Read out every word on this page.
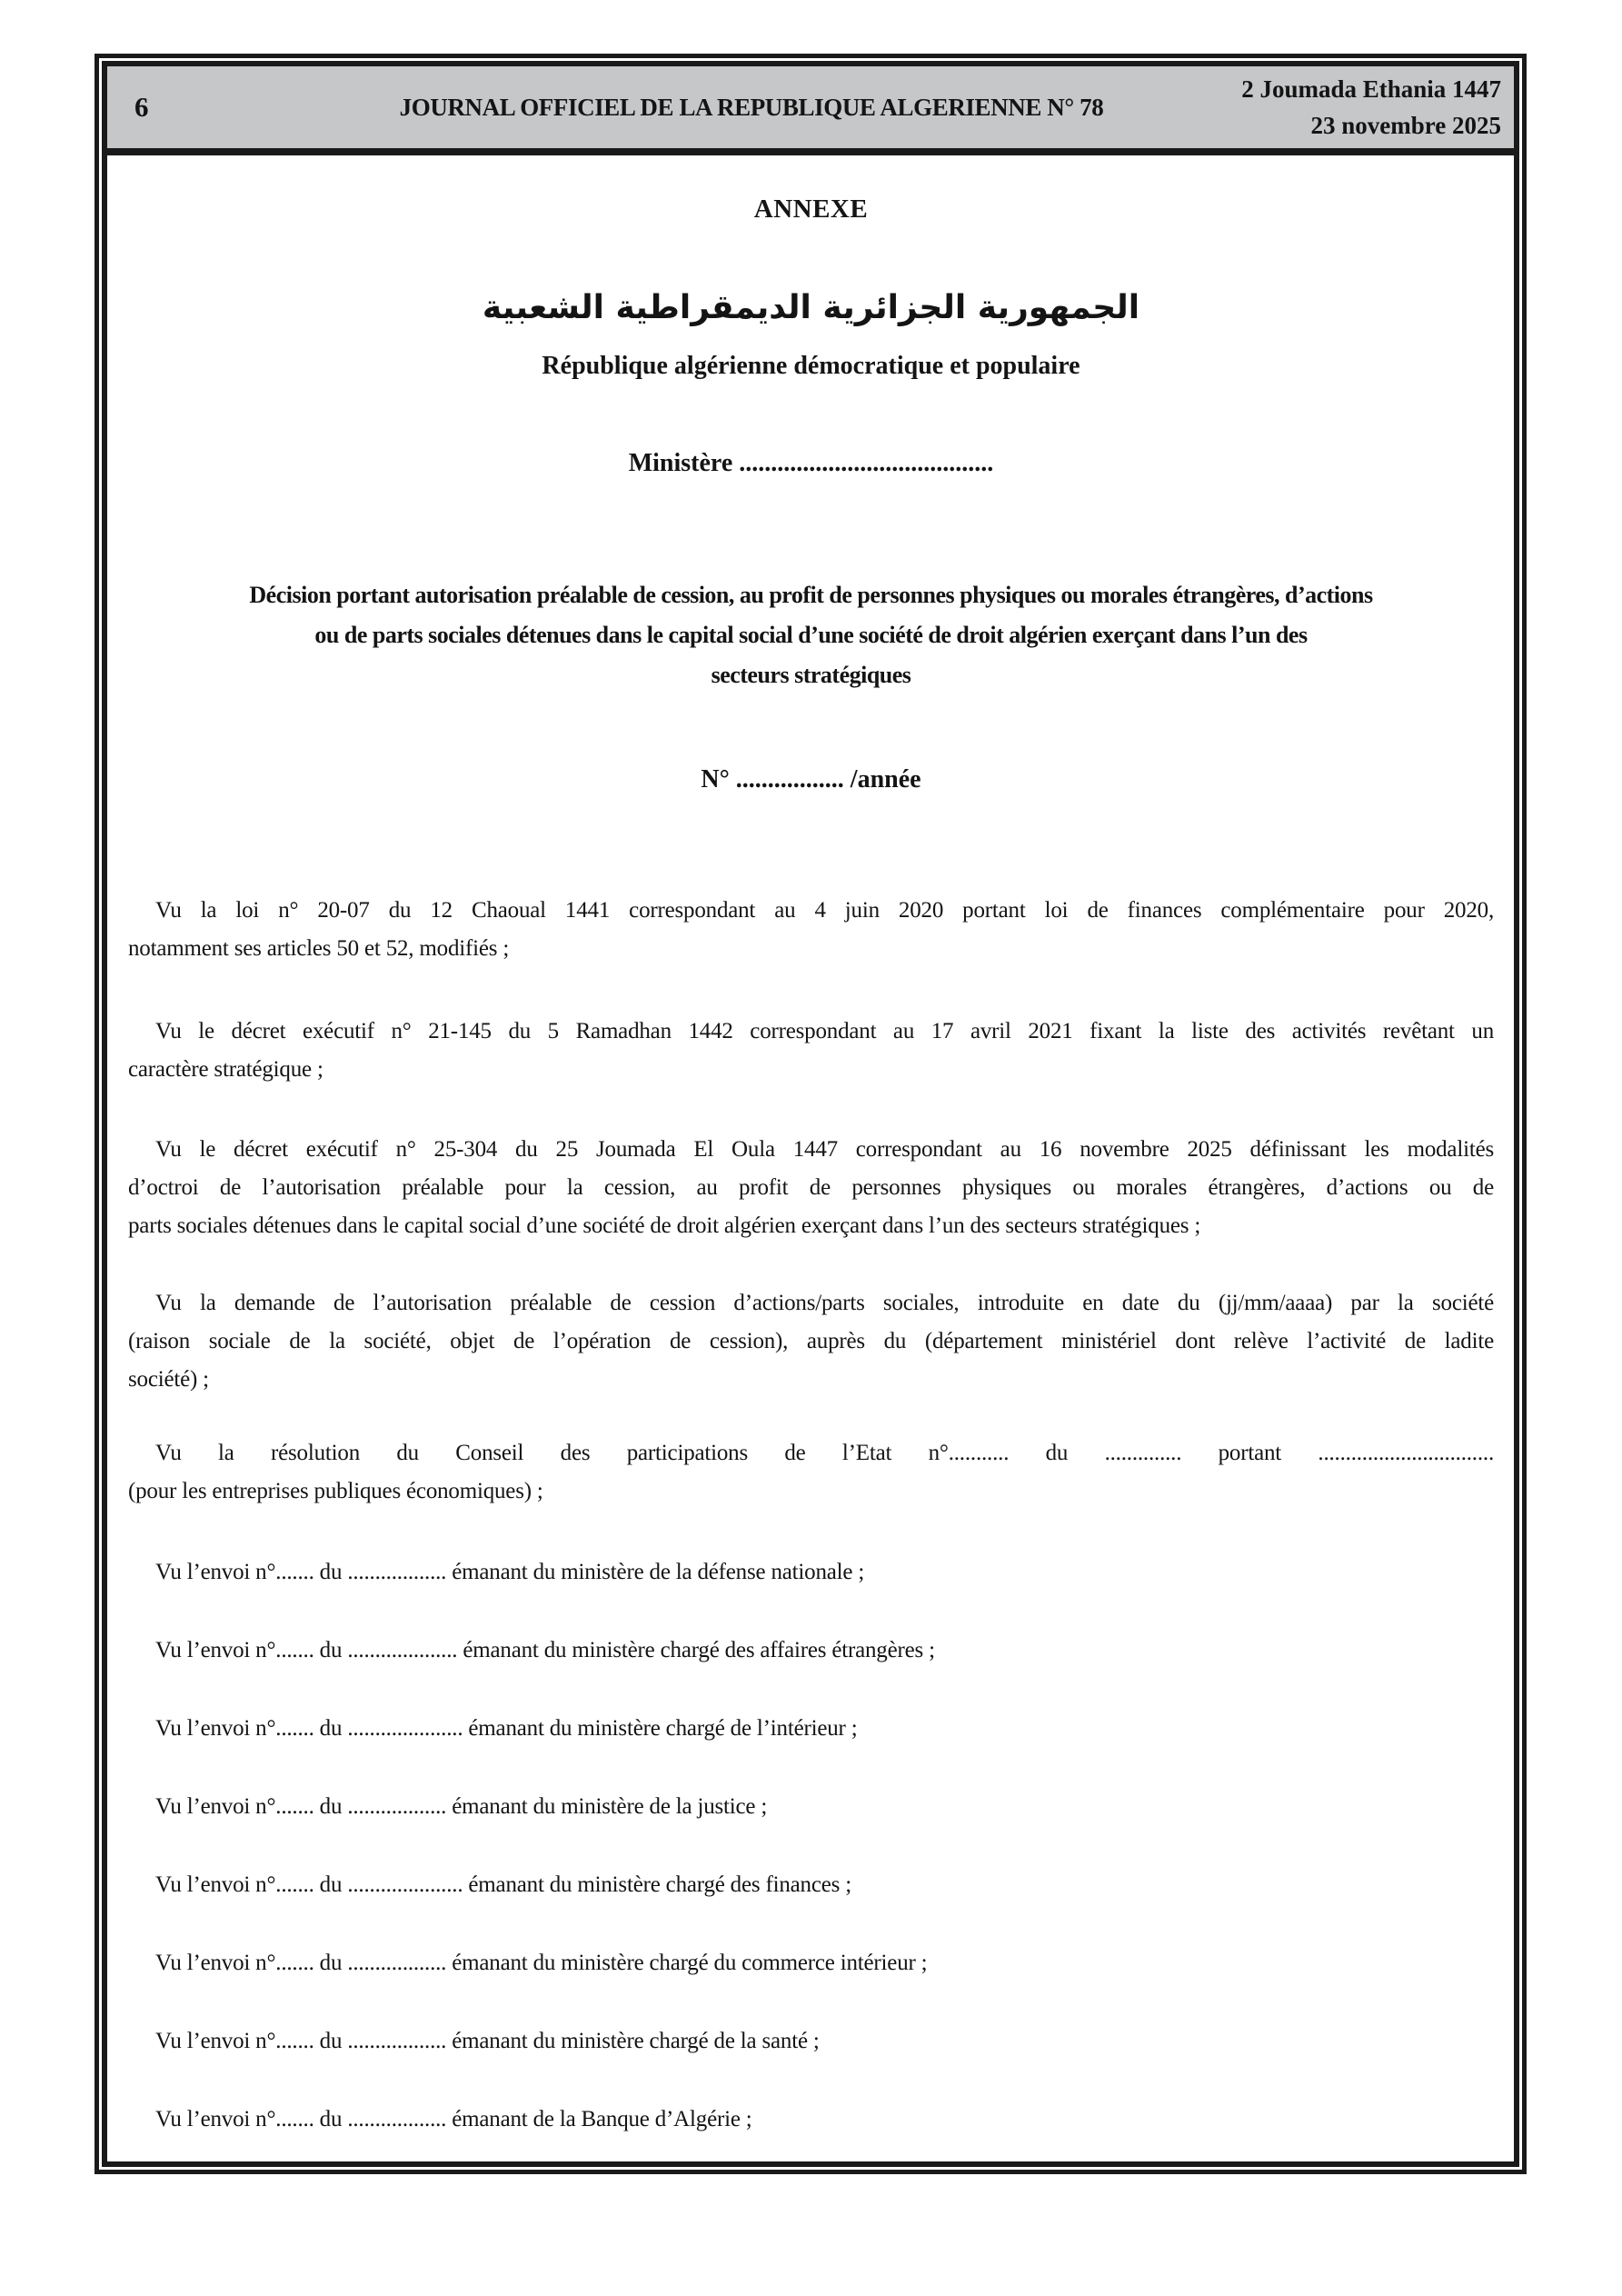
6	JOURNAL OFFICIEL DE LA REPUBLIQUE ALGERIENNE N° 78
2 Joumada Ethania 1447
23 novembre 2025
ANNEXE
الجمهورية الجزائرية الديمقراطية الشعبية
République algérienne démocratique et populaire
Ministère ........................................
Décision portant autorisation préalable de cession, au profit de personnes physiques ou morales étrangères, d’actions
ou de parts sociales détenues dans le capital social d’une société de droit algérien exerçant dans l’un des
secteurs stratégiques
N° ................. /année
Vu la loi n° 20-07 du 12 Chaoual 1441 correspondant au 4 juin 2020 portant loi de finances complémentaire pour 2020,
notamment ses articles 50 et 52, modifiés ;
Vu le décret exécutif n° 21-145 du 5 Ramadhan 1442 correspondant au 17 avril 2021 fixant la liste des activités revêtant un
caractère stratégique ;
Vu le décret exécutif n° 25-304 du 25 Joumada El Oula 1447 correspondant au 16 novembre 2025 définissant les modalités
d’octroi de l’autorisation préalable pour la cession, au profit de personnes physiques ou morales étrangères, d’actions ou de
parts sociales détenues dans le capital social d’une société de droit algérien exerçant dans l’un des secteurs stratégiques ;
Vu la demande de l’autorisation préalable de cession d’actions/parts sociales, introduite en date du (jj/mm/aaaa) par la société
(raison sociale de la société, objet de l’opération de cession), auprès du (département ministériel dont relève l’activité de ladite
société) ;
Vu la résolution du Conseil des participations de l’Etat n°........... du .............. portant ................................
(pour les entreprises publiques économiques) ;
Vu l’envoi n°....... du .................. émanant du ministère de la défense nationale ;
Vu l’envoi n°....... du .................... émanant du ministère chargé des affaires étrangères ;
Vu l’envoi n°....... du ..................... émanant du ministère chargé de l’intérieur ;
Vu l’envoi n°....... du .................. émanant du ministère de la justice ;
Vu l’envoi n°....... du ..................... émanant du ministère chargé des finances ;
Vu l’envoi n°....... du .................. émanant du ministère chargé du commerce intérieur ;
Vu l’envoi n°....... du .................. émanant du ministère chargé de la santé ;
Vu l’envoi n°....... du .................. émanant de la Banque d’Algérie ;
